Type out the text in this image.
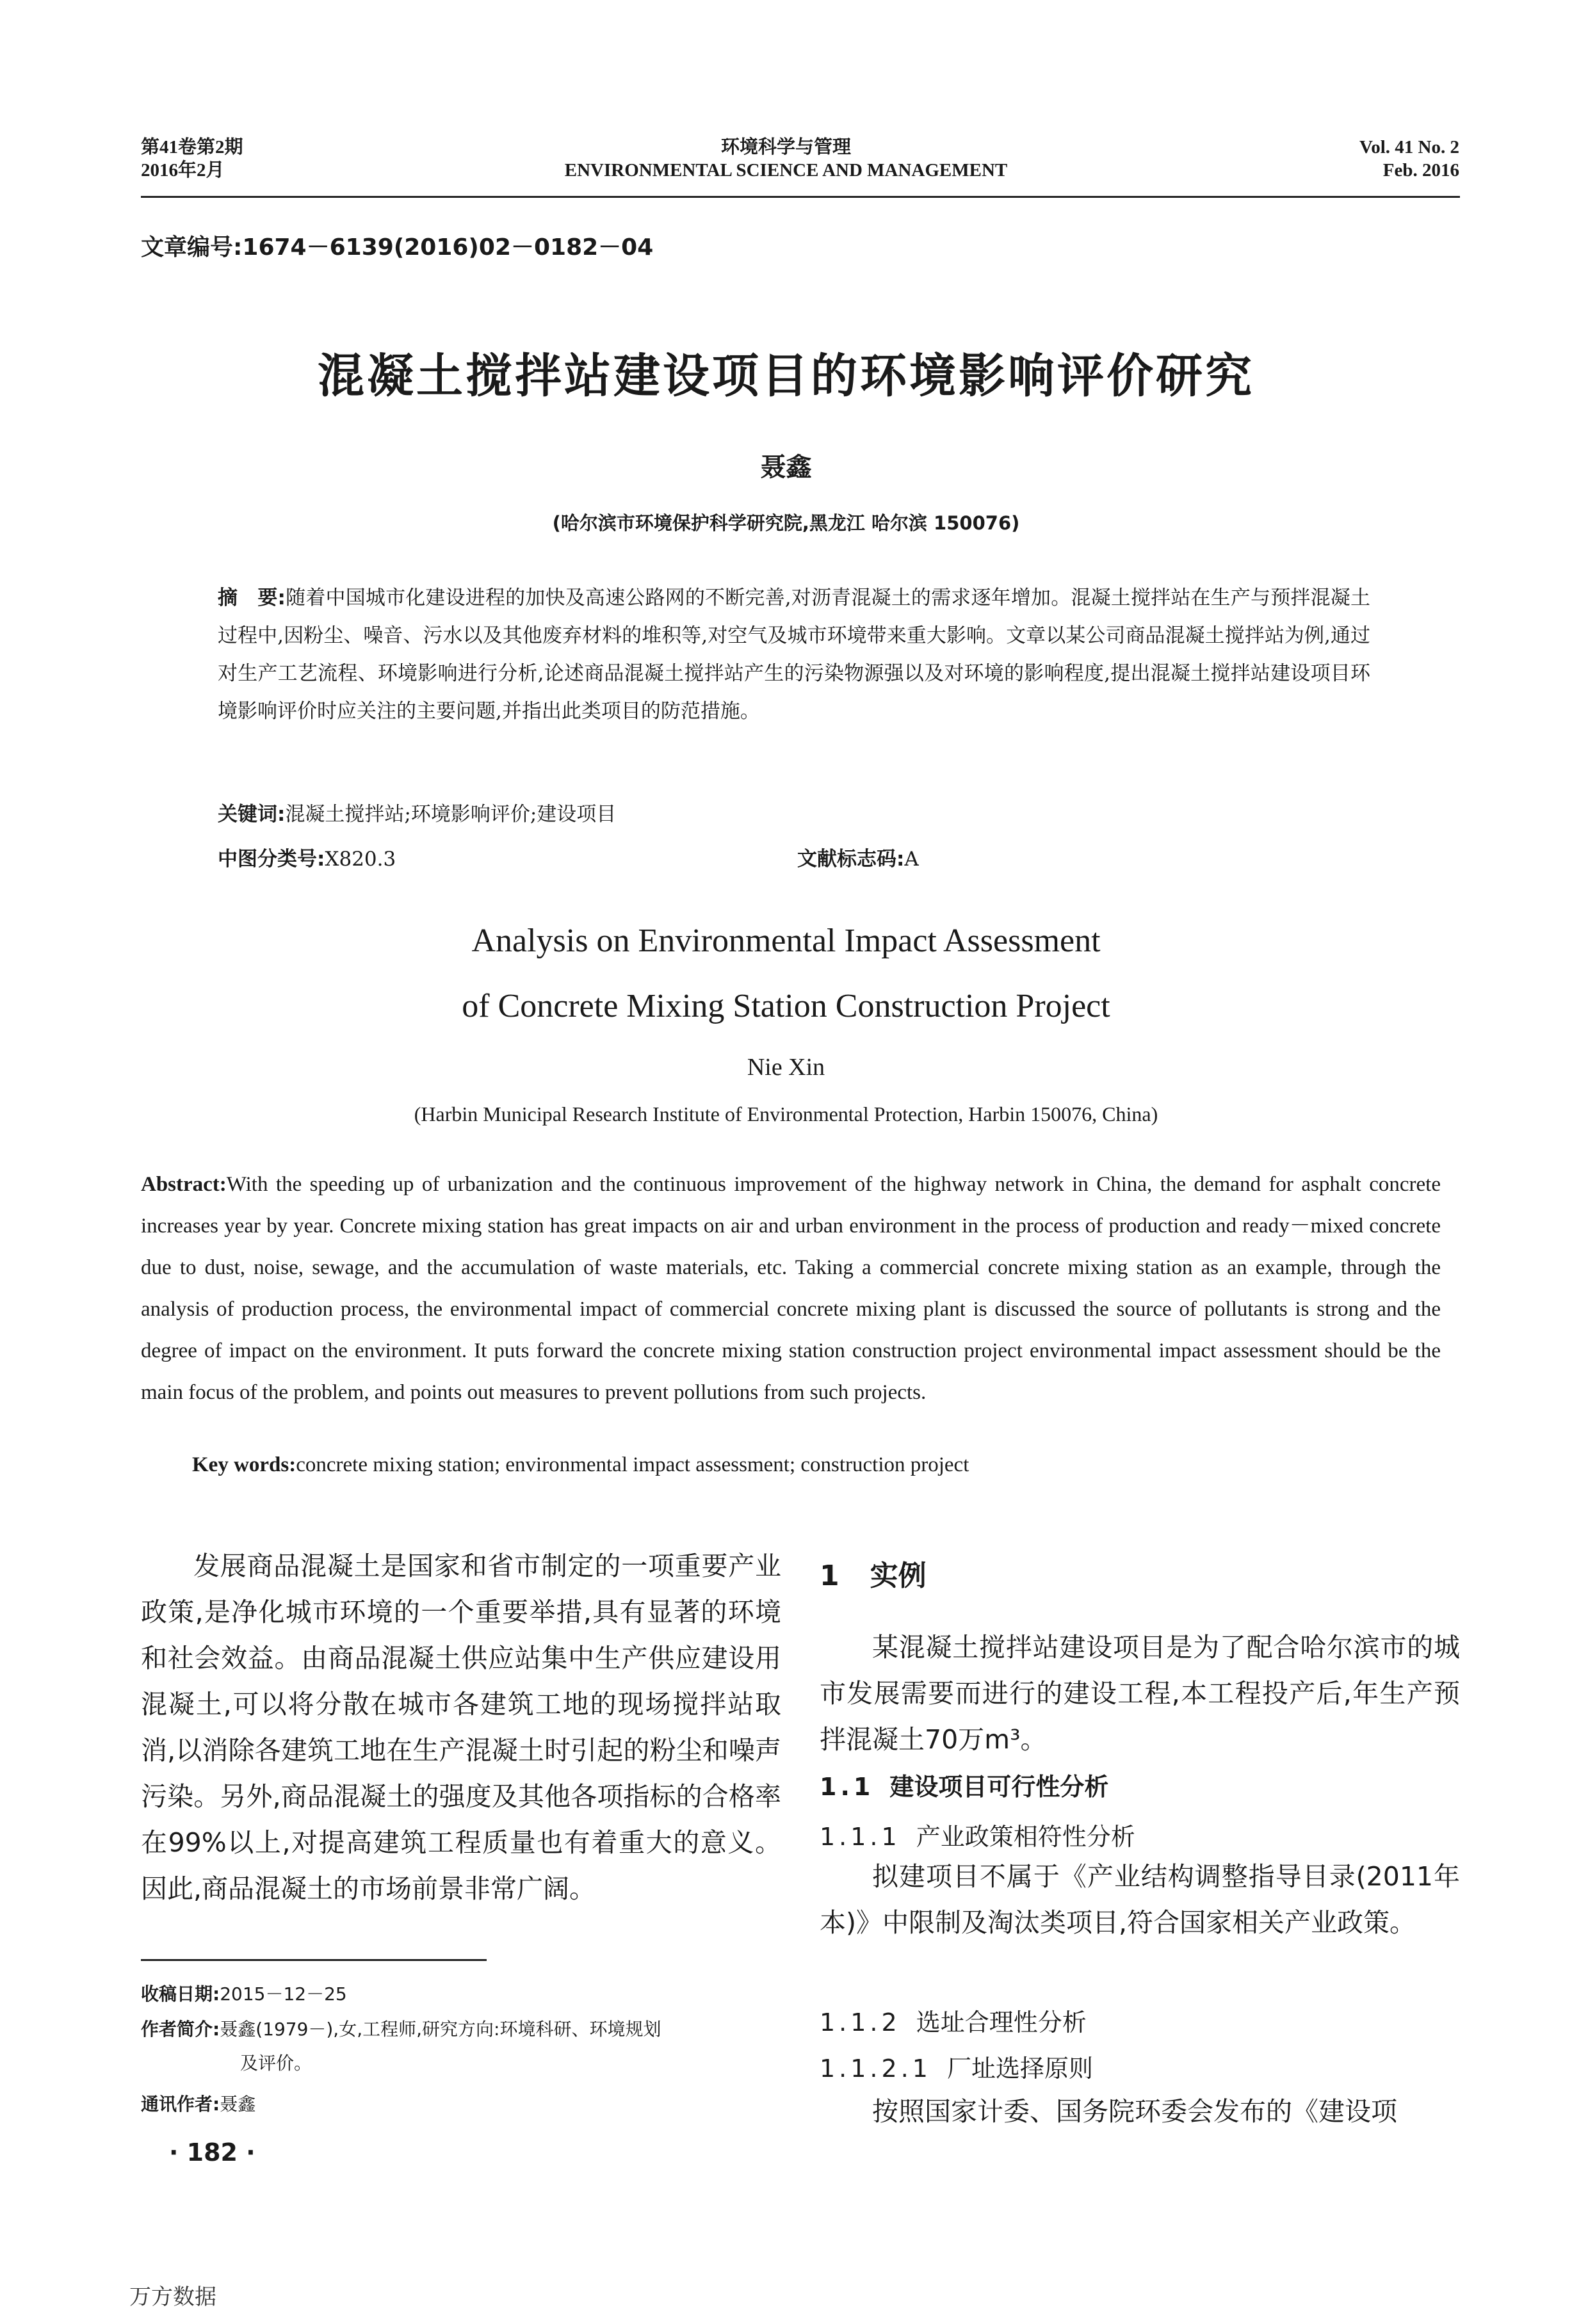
第41卷第2期
2016年2月
环境科学与管理
ENVIRONMENTAL SCIENCE AND MANAGEMENT
Vol. 41 No. 2
Feb. 2016
文章编号:1674－6139(2016)02－0182－04
混凝土搅拌站建设项目的环境影响评价研究
聂鑫
(哈尔滨市环境保护科学研究院,黑龙江 哈尔滨 150076)
摘　要:随着中国城市化建设进程的加快及高速公路网的不断完善,对沥青混凝土的需求逐年增加。混凝土搅拌站在生产与预拌混凝土过程中,因粉尘、噪音、污水以及其他废弃材料的堆积等,对空气及城市环境带来重大影响。文章以某公司商品混凝土搅拌站为例,通过对生产工艺流程、环境影响进行分析,论述商品混凝土搅拌站产生的污染物源强以及对环境的影响程度,提出混凝土搅拌站建设项目环境影响评价时应关注的主要问题,并指出此类项目的防范措施。
关键词:混凝土搅拌站;环境影响评价;建设项目
中图分类号:X820.3	文献标志码:A
Analysis on Environmental Impact Assessment
of Concrete Mixing Station Construction Project
Nie Xin
(Harbin Municipal Research Institute of Environmental Protection, Harbin 150076, China)
Abstract:With the speeding up of urbanization and the continuous improvement of the highway network in China, the demand for asphalt concrete increases year by year. Concrete mixing station has great impacts on air and urban environment in the process of production and ready－mixed concrete due to dust, noise, sewage, and the accumulation of waste materials, etc. Taking a commercial concrete mixing station as an example, through the analysis of production process, the environmental impact of commercial concrete mixing plant is discussed the source of pollutants is strong and the degree of impact on the environment. It puts forward the concrete mixing station construction project environmental impact assessment should be the main focus of the problem, and points out measures to prevent pollutions from such projects.
Key words:concrete mixing station; environmental impact assessment; construction project
发展商品混凝土是国家和省市制定的一项重要产业政策,是净化城市环境的一个重要举措,具有显著的环境和社会效益。由商品混凝土供应站集中生产供应建设用混凝土,可以将分散在城市各建筑工地的现场搅拌站取消,以消除各建筑工地在生产混凝土时引起的粉尘和噪声污染。另外,商品混凝土的强度及其他各项指标的合格率在99%以上,对提高建筑工程质量也有着重大的意义。因此,商品混凝土的市场前景非常广阔。
收稿日期:2015－12－25
作者简介:聂鑫(1979－),女,工程师,研究方向:环境科研、环境规划
及评价。
通讯作者:聂鑫
· 182 ·
1 实例
某混凝土搅拌站建设项目是为了配合哈尔滨市的城市发展需要而进行的建设工程,本工程投产后,年生产预拌混凝土70万m³。
1.1 建设项目可行性分析
1.1.1 产业政策相符性分析
拟建项目不属于《产业结构调整指导目录(2011年本)》中限制及淘汰类项目,符合国家相关产业政策。
1.1.2 选址合理性分析
1.1.2.1 厂址选择原则
按照国家计委、国务院环委会发布的《建设项
万方数据
